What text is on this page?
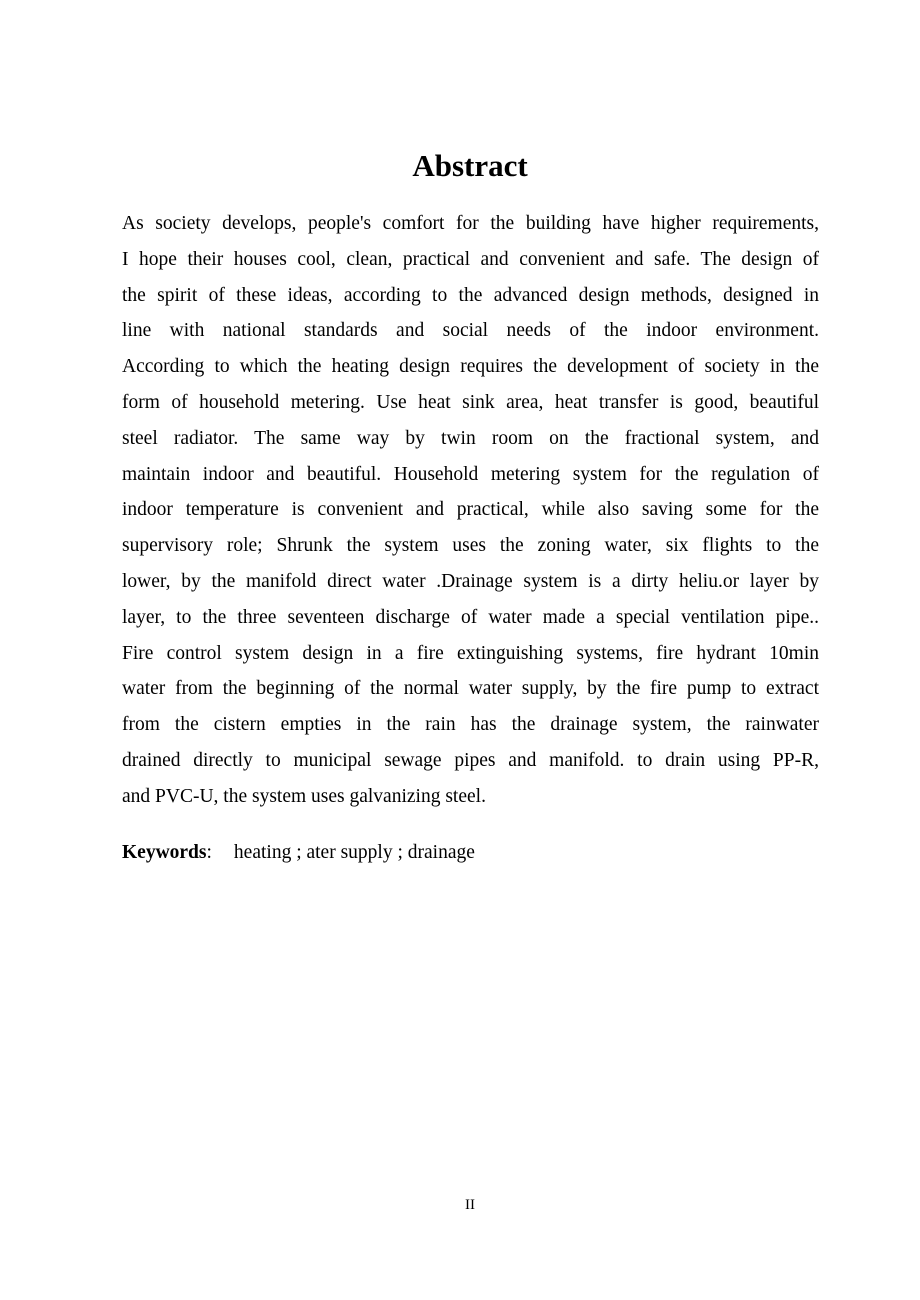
Abstract
As society develops, people's comfort for the building have higher requirements,
I hope their houses cool, clean, practical and convenient and safe. The design of
the spirit of these ideas, according to the advanced design methods, designed in
line with national standards and social needs of the indoor environment.
According to which the heating design requires the development of society in the
form of household metering. Use heat sink area, heat transfer is good, beautiful
steel radiator. The same way by twin room on the fractional system, and
maintain indoor and beautiful. Household metering system for the regulation of
indoor temperature is convenient and practical, while also saving some for the
supervisory role; Shrunk the system uses the zoning water, six flights to the
lower, by the manifold direct water .Drainage system is a dirty heliu.or layer by
layer, to the three seventeen discharge of water made a special ventilation pipe..
Fire control system design in a fire extinguishing systems, fire hydrant 10min
water from the beginning of the normal water supply, by the fire pump to extract
from the cistern empties in the rain has the drainage system, the rainwater
drained directly to municipal sewage pipes and manifold. to drain using PP-R,
and PVC-U, the system uses galvanizing steel.

Keywords: heating ; ater supply ; drainage

II
